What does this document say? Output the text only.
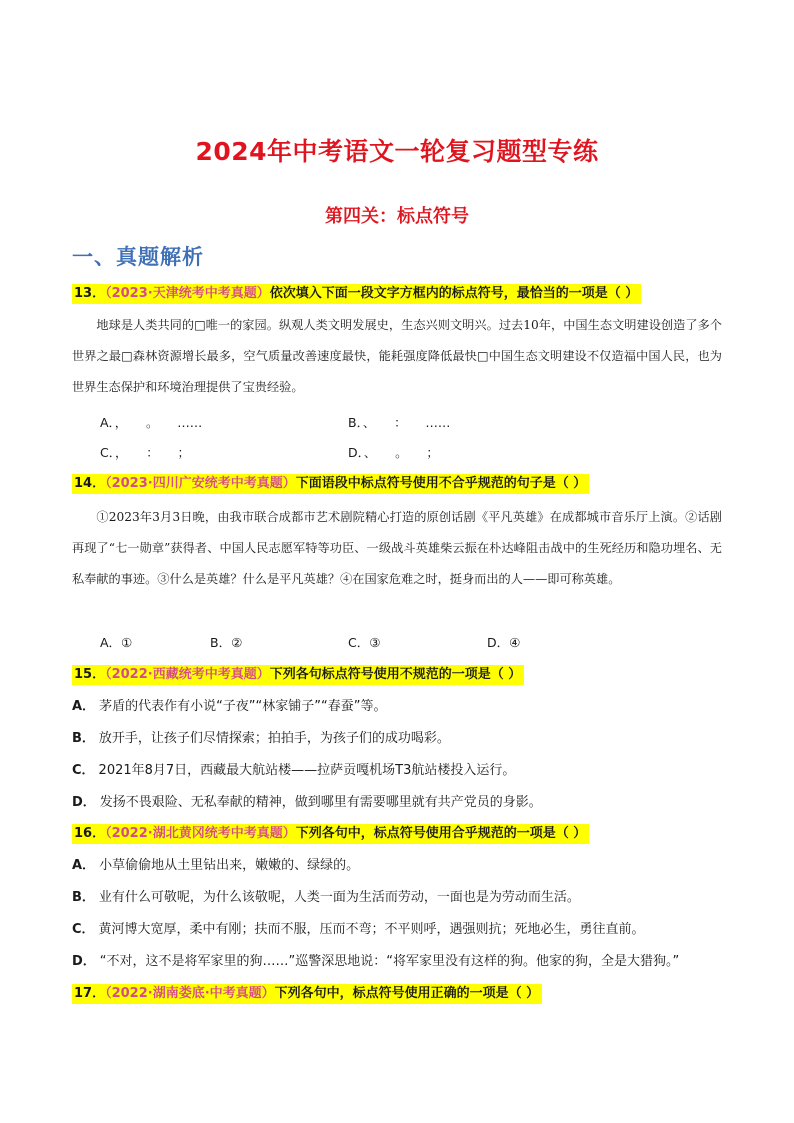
2024年中考语文一轮复习题型专练
第四关：标点符号
一、真题解析
13．（2023·天津统考中考真题）依次填入下面一段文字方框内的标点符号，最恰当的一项是（ ）
地球是人类共同的□唯一的家园。纵观人类文明发展史，生态兴则文明兴。过去10年，中国生态文明建设创造了多个世界之最□森林资源增长最多，空气质量改善速度最快，能耗强度降低最快□中国生态文明建设不仅造福中国人民，也为世界生态保护和环境治理提供了宝贵经验。
A．，　　。　　……	B．、　　：　　……
C．，　　：　　；	D．、　　。　　；
14．（2023·四川广安统考中考真题）下面语段中标点符号使用不合乎规范的句子是（ ）
①2023年3月3日晚，由我市联合成都市艺术剧院精心打造的原创话剧《平凡英雄》在成都城市音乐厅上演。②话剧再现了“七一勋章”获得者、中国人民志愿军特等功臣、一级战斗英雄柴云振在朴达峰阻击战中的生死经历和隐功埋名、无私奉献的事迹。③什么是英雄？什么是平凡英雄？④在国家危难之时，挺身而出的人——即可称英雄。
A．①	B．②	C．③	D．④
15．（2022·西藏统考中考真题）下列各句标点符号使用不规范的一项是（ ）
A． 茅盾的代表作有小说“子夜”“林家铺子”“春蚕”等。
B． 放开手，让孩子们尽情探索；拍拍手，为孩子们的成功喝彩。
C． 2021年8月7日，西藏最大航站楼——拉萨贡嘎机场T3航站楼投入运行。
D． 发扬不畏艰险、无私奉献的精神，做到哪里有需要哪里就有共产党员的身影。
16．（2022·湖北黄冈统考中考真题）下列各句中，标点符号使用合乎规范的一项是（ ）
A． 小草偷偷地从土里钻出来，嫩嫩的、绿绿的。
B． 业有什么可敬呢，为什么该敬呢，人类一面为生活而劳动，一面也是为劳动而生活。
C． 黄河博大宽厚，柔中有刚；扶而不服，压而不弯；不平则呼，遇强则抗；死地必生，勇往直前。
D． “不对，这不是将军家里的狗……”巡警深思地说：“将军家里没有这样的狗。他家的狗，全是大猎狗。”
17．（2022·湖南娄底·中考真题）下列各句中，标点符号使用正确的一项是（ ）
